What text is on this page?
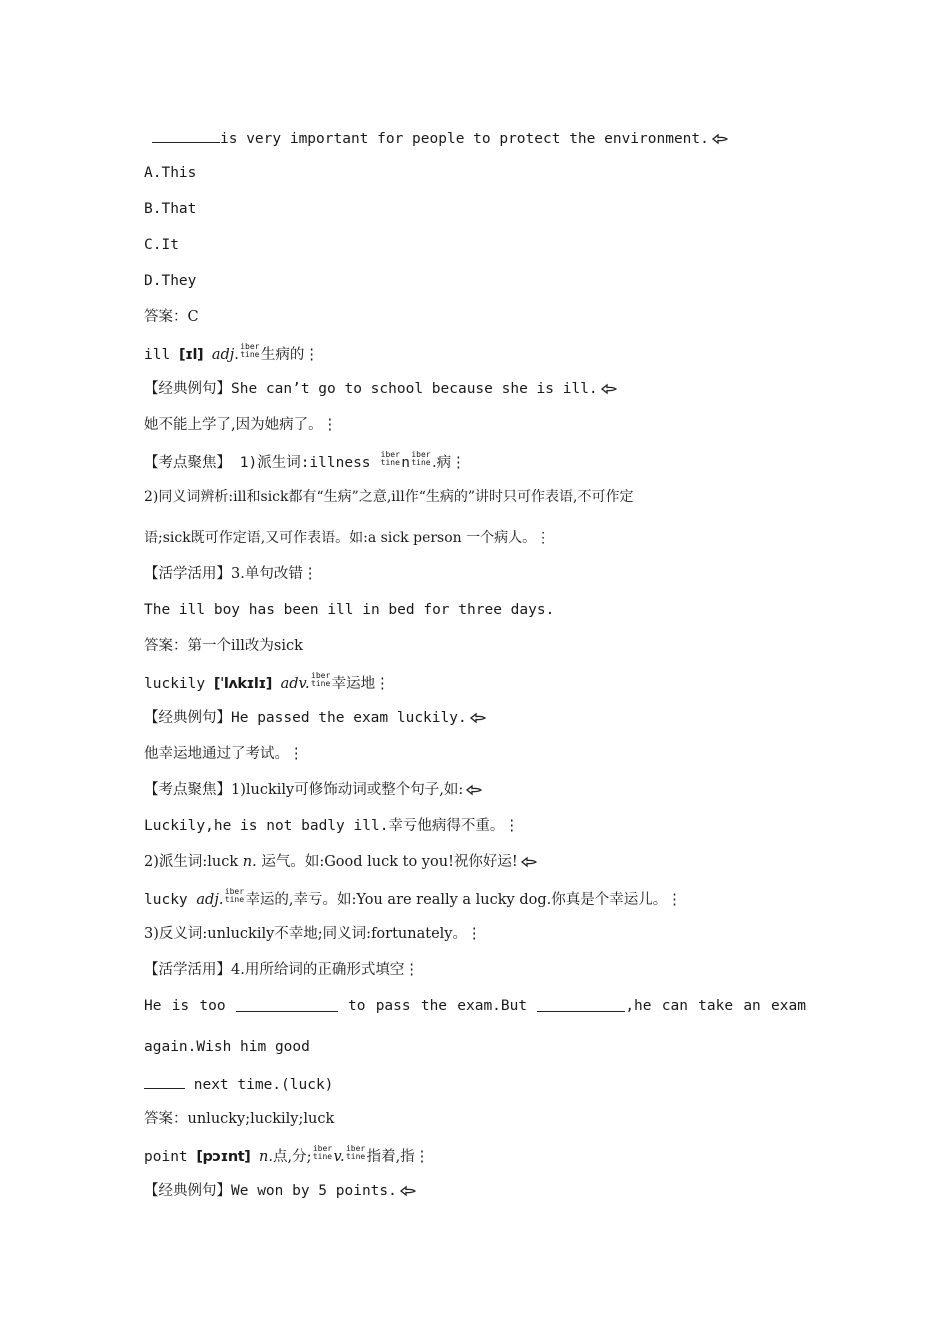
is very important for people to protect the environment.
A.This
B.That
C.It
D.They
答案：C
ill [ɪl] adj.
iber
tine 生病的⋮
【经典例句】She can’t go to school because she is ill.
她不能上学了,因为她病了。⋮
【考点聚焦】 1)派生词:illness
iber
tine n
iber
tine .病⋮
2)同义词辨析:ill和sick都有“生病”之意,ill作“生病的”讲时只可作表语,不可作定
语;sick既可作定语,又可作表语。如:a sick person 一个病人。⋮
【活学活用】3.单句改错⋮
The ill boy has been ill in bed for three days.
答案：第一个ill改为sick
luckily [ˈlʌkɪlɪ] adv.
iber
tine 幸运地⋮
【经典例句】He passed the exam luckily.
他幸运地通过了考试。⋮
【考点聚焦】1)luckily可修饰动词或整个句子,如:
Luckily,he is not badly ill.幸亏他病得不重。⋮
2)派生词:luck n. 运气。如:Good luck to you!祝你好运!
lucky adj.
iber
tine 幸运的,幸亏。如:You are really a lucky dog.你真是个幸运儿。⋮
3)反义词:unluckily不幸地;同义词:fortunately。⋮
【活学活用】4.用所给词的正确形式填空⋮
He is too	to pass the exam.But	,he can take an exam
again.Wish him good
next time.(luck)
答案：unlucky;luckily;luck
point [pɔɪnt] n.点,分;
iber
tine v.
iber
tine 指着,指⋮
【经典例句】We won by 5 points.
